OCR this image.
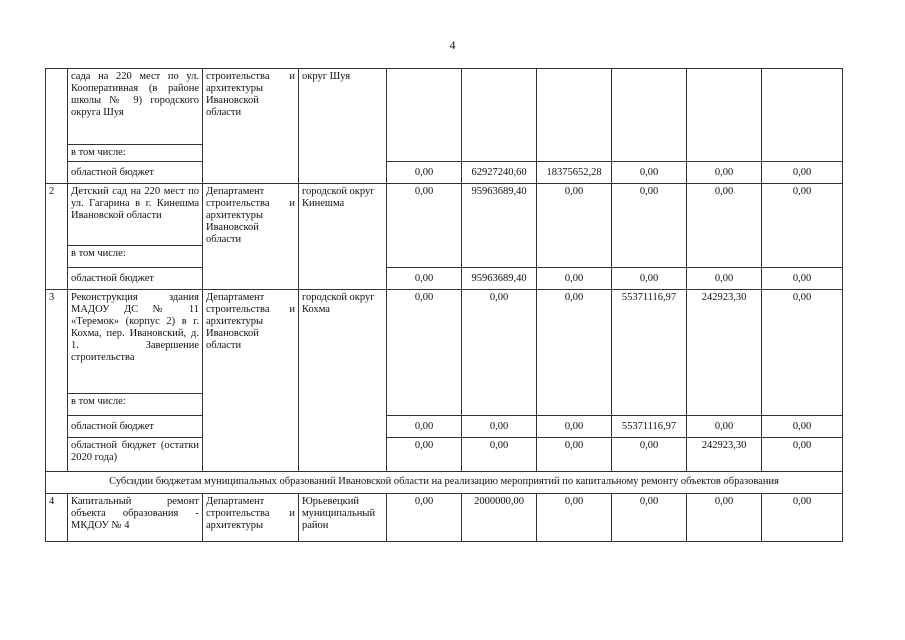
4
	сада на 220 мест по ул. Кооперативная (в районе школы № 9) городского округа Шуя	строительства и архитектуры Ивановской области	округ Шуя						
	в том числе:								
	областной бюджет			0,00	62927240,60	18375652,28	0,00	0,00	0,00
2	Детский сад на 220 мест по ул. Гагарина в г. Кинешма Ивановской области	Департамент строительства и архитектуры Ивановской области	городской округ Кинешма	0,00	95963689,40	0,00	0,00	0,00	0,00
	в том числе:								
	областной бюджет			0,00	95963689,40	0,00	0,00	0,00	0,00
3	Реконструкция здания МАДОУ ДС № 11 «Теремок» (корпус 2) в г. Кохма, пер. Ивановский, д. 1. Завершение строительства	Департамент строительства и архитектуры Ивановской области	городской округ Кохма	0,00	0,00	0,00	55371116,97	242923,30	0,00
	в том числе:								
	областной бюджет			0,00	0,00	0,00	55371116,97	0,00	0,00
	областной бюджет (остатки 2020 года)			0,00	0,00	0,00	0,00	242923,30	0,00
Субсидии бюджетам муниципальных образований Ивановской области на реализацию мероприятий по капитальному ремонту объектов образования									
4	Капитальный ремонт объекта образования - МКДОУ № 4	Департамент строительства и архитектуры	Юрьевецкий муниципальный район	0,00	2000000,00	0,00	0,00	0,00	0,00
